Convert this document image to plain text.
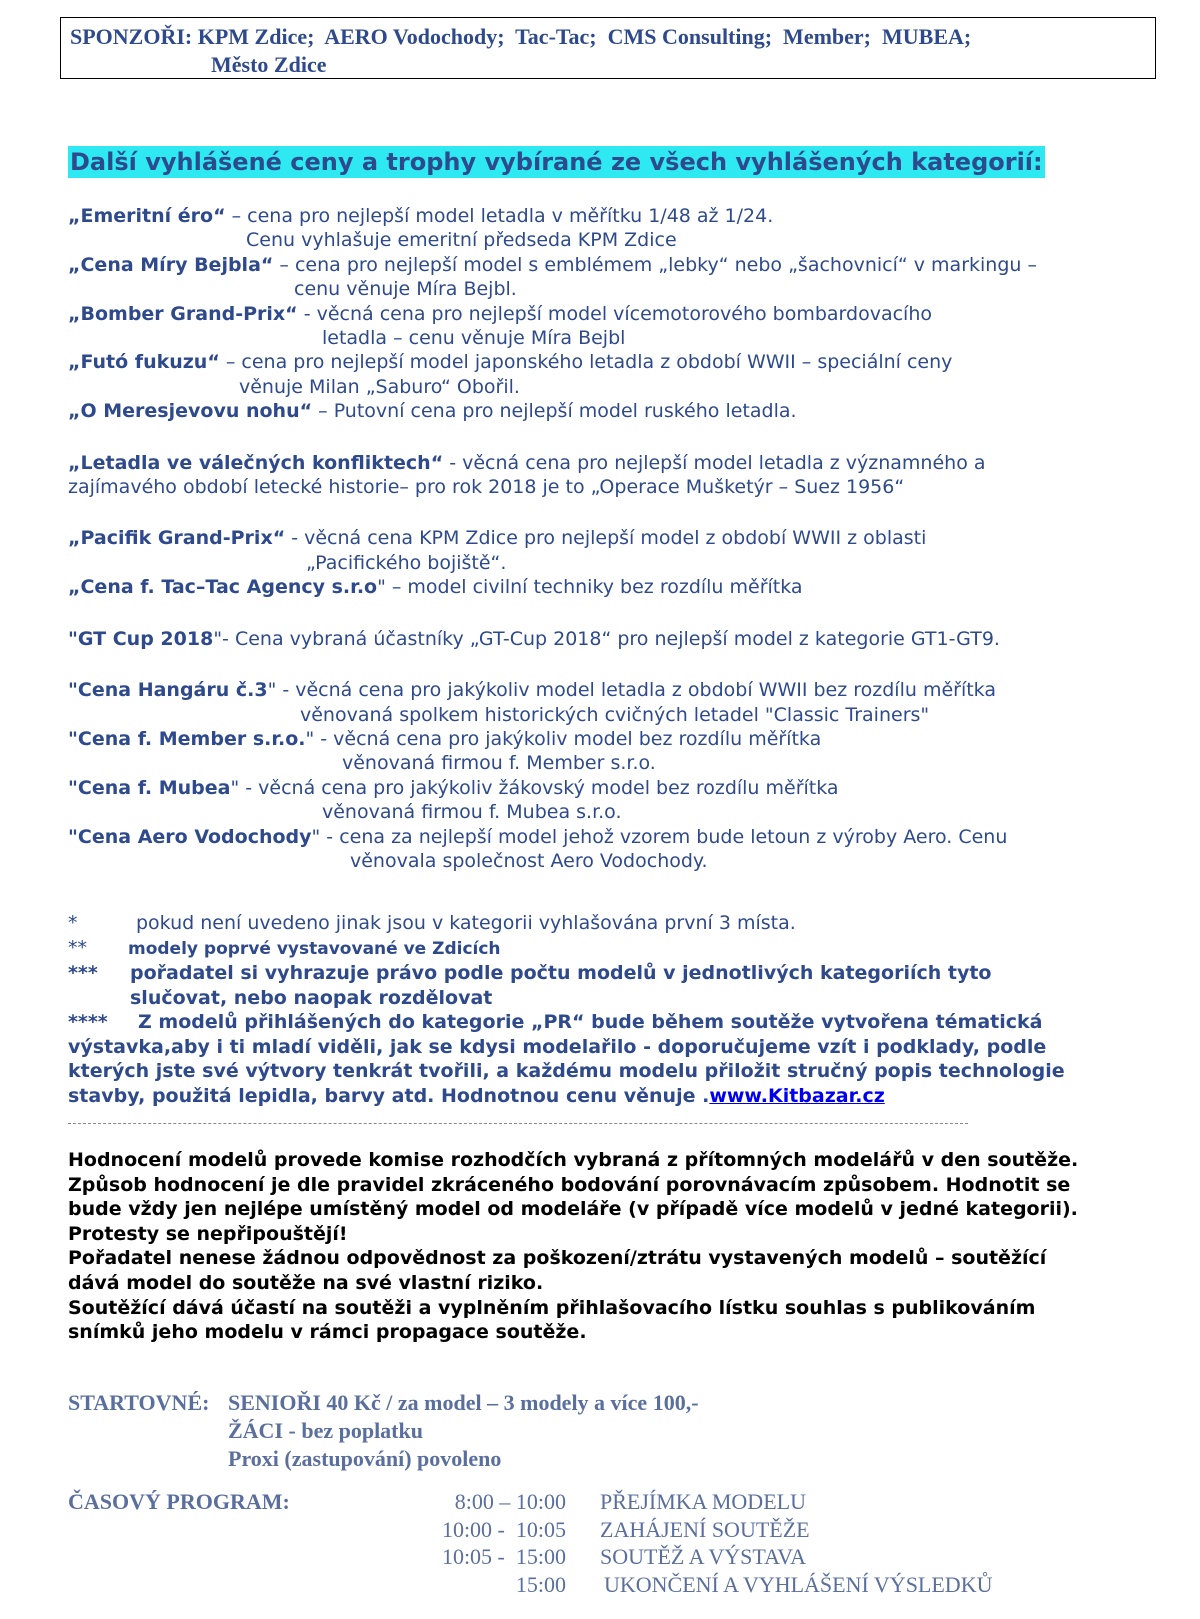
SPONZOŘI: KPM Zdice;  AERO Vodochody;  Tac-Tac;  CMS Consulting;  Member;  MUBEA;
Město Zdice
Další vyhlášené ceny a trophy vybírané ze všech vyhlášených kategorií:
„Emeritní éro“ – cena pro nejlepší model letadla v měřítku 1/48 až 1/24.
Cenu vyhlašuje emeritní předseda KPM Zdice
„Cena Míry Bejbla“ – cena pro nejlepší model s emblémem „lebky“ nebo „šachovnicí“ v markingu –
cenu věnuje Míra Bejbl.
„Bomber Grand-Prix“ - věcná cena pro nejlepší model vícemotorového bombardovacího
letadla – cenu věnuje Míra Bejbl
„Futó fukuzu“ – cena pro nejlepší model japonského letadla z období WWII – speciální ceny
věnuje Milan „Saburo“ Obořil.
„O Meresjevovu nohu“ – Putovní cena pro nejlepší model ruského letadla.
„Letadla ve válečných konfliktech“ - věcná cena pro nejlepší model letadla z významného a
zajímavého období letecké historie– pro rok 2018 je to „Operace Mušketýr – Suez 1956“
„Pacifik Grand-Prix“ - věcná cena KPM Zdice pro nejlepší model z období WWII z oblasti
„Pacifického bojiště“.
„Cena f. Tac–Tac Agency s.r.o" – model civilní techniky bez rozdílu měřítka
"GT Cup 2018"- Cena vybraná účastníky „GT-Cup 2018“ pro nejlepší model z kategorie GT1-GT9.
"Cena Hangáru č.3" - věcná cena pro jakýkoliv model letadla z období WWII bez rozdílu měřítka
věnovaná spolkem historických cvičných letadel "Classic Trainers"
"Cena f. Member s.r.o." - věcná cena pro jakýkoliv model bez rozdílu měřítka
věnovaná firmou f. Member s.r.o.
"Cena f. Mubea" - věcná cena pro jakýkoliv žákovský model bez rozdílu měřítka
věnovaná firmou f. Mubea s.r.o.
"Cena Aero Vodochody" - cena za nejlepší model jehož vzorem bude letoun z výroby Aero. Cenu
věnovala společnost Aero Vodochody.
*	pokud není uvedeno jinak jsou v kategorii vyhlašována první 3 místa.
** modely poprvé vystavované ve Zdicích
*** pořadatel si vyhrazuje právo podle počtu modelů v jednotlivých kategoriích tyto
slučovat, nebo naopak rozdělovat
**** Z modelů přihlášených do kategorie „PR“ bude během soutěže vytvořena tématická
výstavka,aby i ti mladí viděli, jak se kdysi modelařilo - doporučujeme vzít i podklady, podle
kterých jste své výtvory tenkrát tvořili, a každému modelu přiložit stručný popis technologie
stavby, použitá lepidla, barvy atd. Hodnotnou cenu věnuje .www.Kitbazar.cz
Hodnocení modelů provede komise rozhodčích vybraná z přítomných modelářů v den soutěže.
Způsob hodnocení je dle pravidel zkráceného bodování porovnávacím způsobem. Hodnotit se
bude vždy jen nejlépe umístěný model od modeláře (v případě více modelů v jedné kategorii).
Protesty se nepřipouštějí!
Pořadatel nenese žádnou odpovědnost za poškození/ztrátu vystavených modelů – soutěžící
dává model do soutěže na své vlastní riziko.
Soutěžící dává účastí na soutěži a vyplněním přihlašovacího lístku souhlas s publikováním
snímků jeho modelu v rámci propagace soutěže.
STARTOVNÉ: SENIOŘI 40 Kč / za model – 3 modely a více 100,-
ŽÁCI - bez poplatku
Proxi (zastupování) povoleno
ČASOVÝ PROGRAM:	8:00 – 10:00 PŘEJÍMKA MODELU
10:00 -  10:05 ZAHÁJENÍ SOUTĚŽE
10:05 -  15:00 SOUTĚŽ A VÝSTAVA
15:00 UKONČENÍ A VYHLÁŠENÍ VÝSLEDKŮ
